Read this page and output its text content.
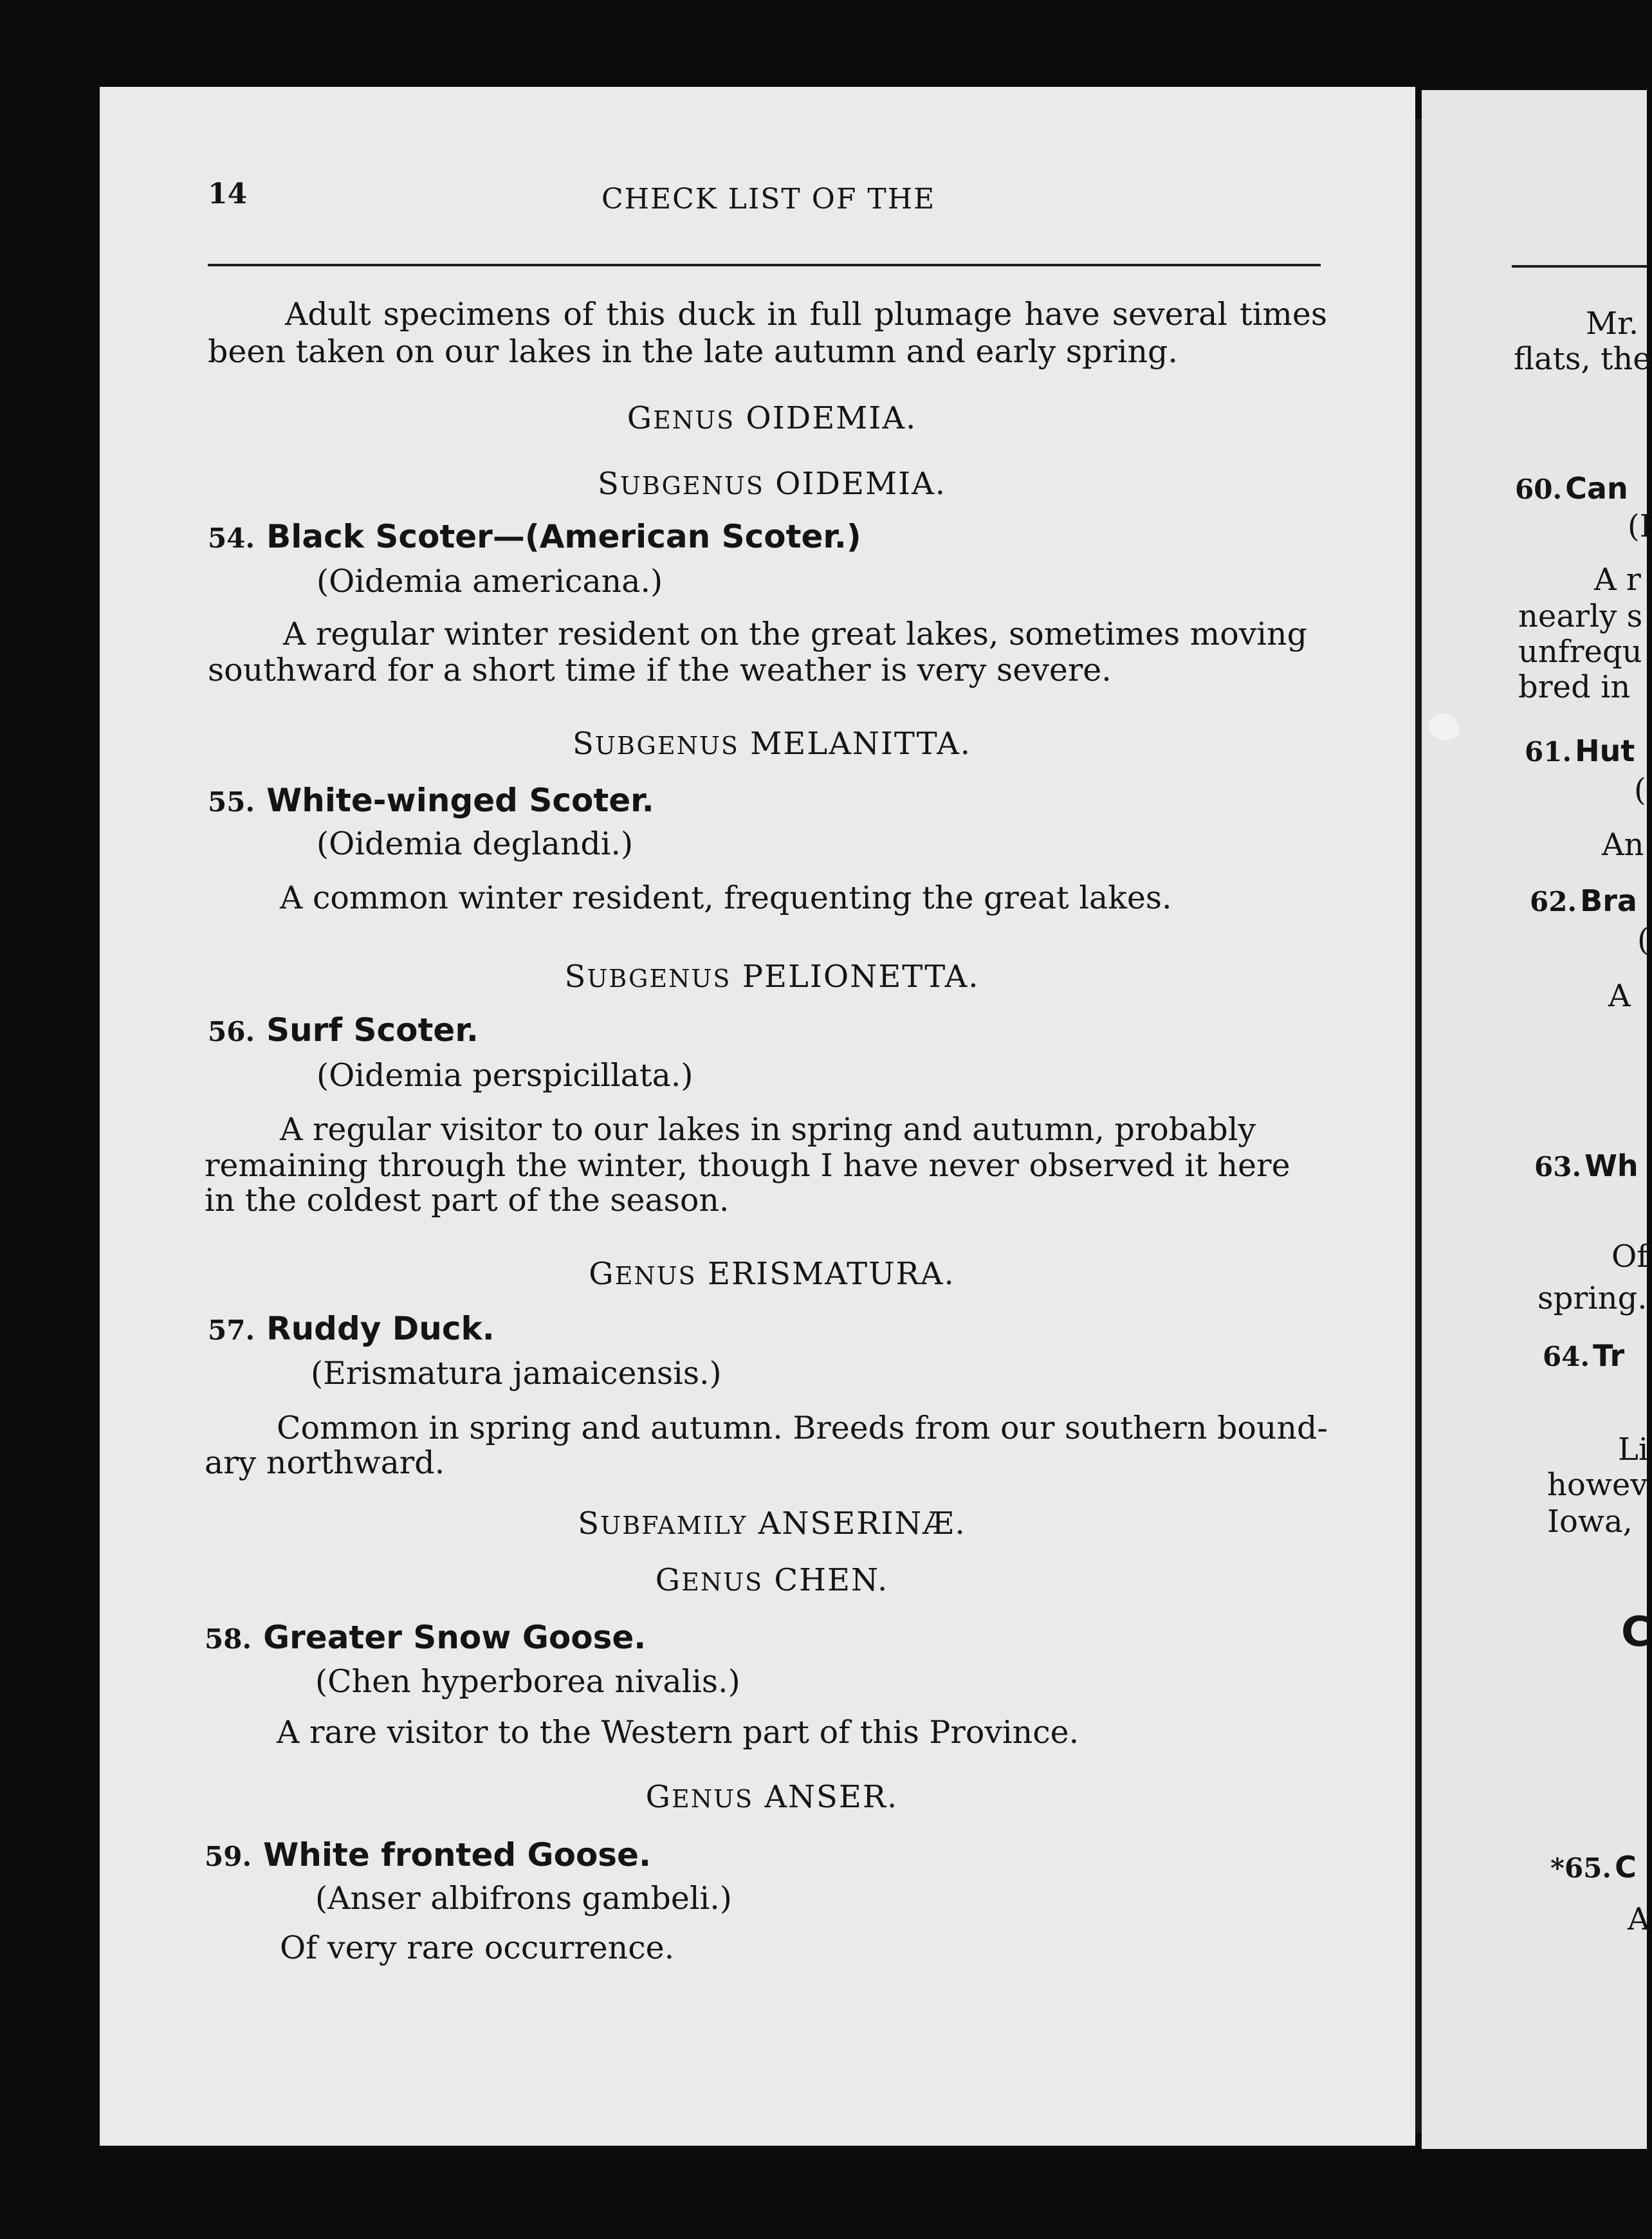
14	CHECK LIST OF THE
Adult specimens of this duck in full plumage have several times been taken on our lakes in the late autumn and early spring.
GENUS OIDEMIA.
SUBGENUS OIDEMIA.
54. Black Scoter—(American Scoter.)
(Oidemia americana.)
A regular winter resident on the great lakes, sometimes moving
southward for a short time if the weather is very severe.
SUBGENUS MELANITTA.
55. White-winged Scoter.
(Oidemia deglandi.)
A common winter resident, frequenting the great lakes.
SUBGENUS PELIONETTA.
56. Surf Scoter.
(Oidemia perspicillata.)
A regular visitor to our lakes in spring and autumn, probably
remaining through the winter, though I have never observed it here
in the coldest part of the season.
GENUS ERISMATURA.
57. Ruddy Duck.
(Erismatura jamaicensis.)
Common in spring and autumn. Breeds from our southern bound-
ary northward.
SUBFAMILY ANSERINÆ.
GENUS CHEN.
58. Greater Snow Goose.
(Chen hyperborea nivalis.)
A rare visitor to the Western part of this Province.
GENUS ANSER.
59. White fronted Goose.
(Anser albifrons gambeli.)
Of very rare occurrence.
Mr.
flats, the
60. Can
(I
A r
nearly s
unfrequ
bred in
61. Hut
(
An
62. Bra
(
A
63. Wh
Of
spring.
64. Tr
Li
howev
Iowa,
C
*65. C
A
